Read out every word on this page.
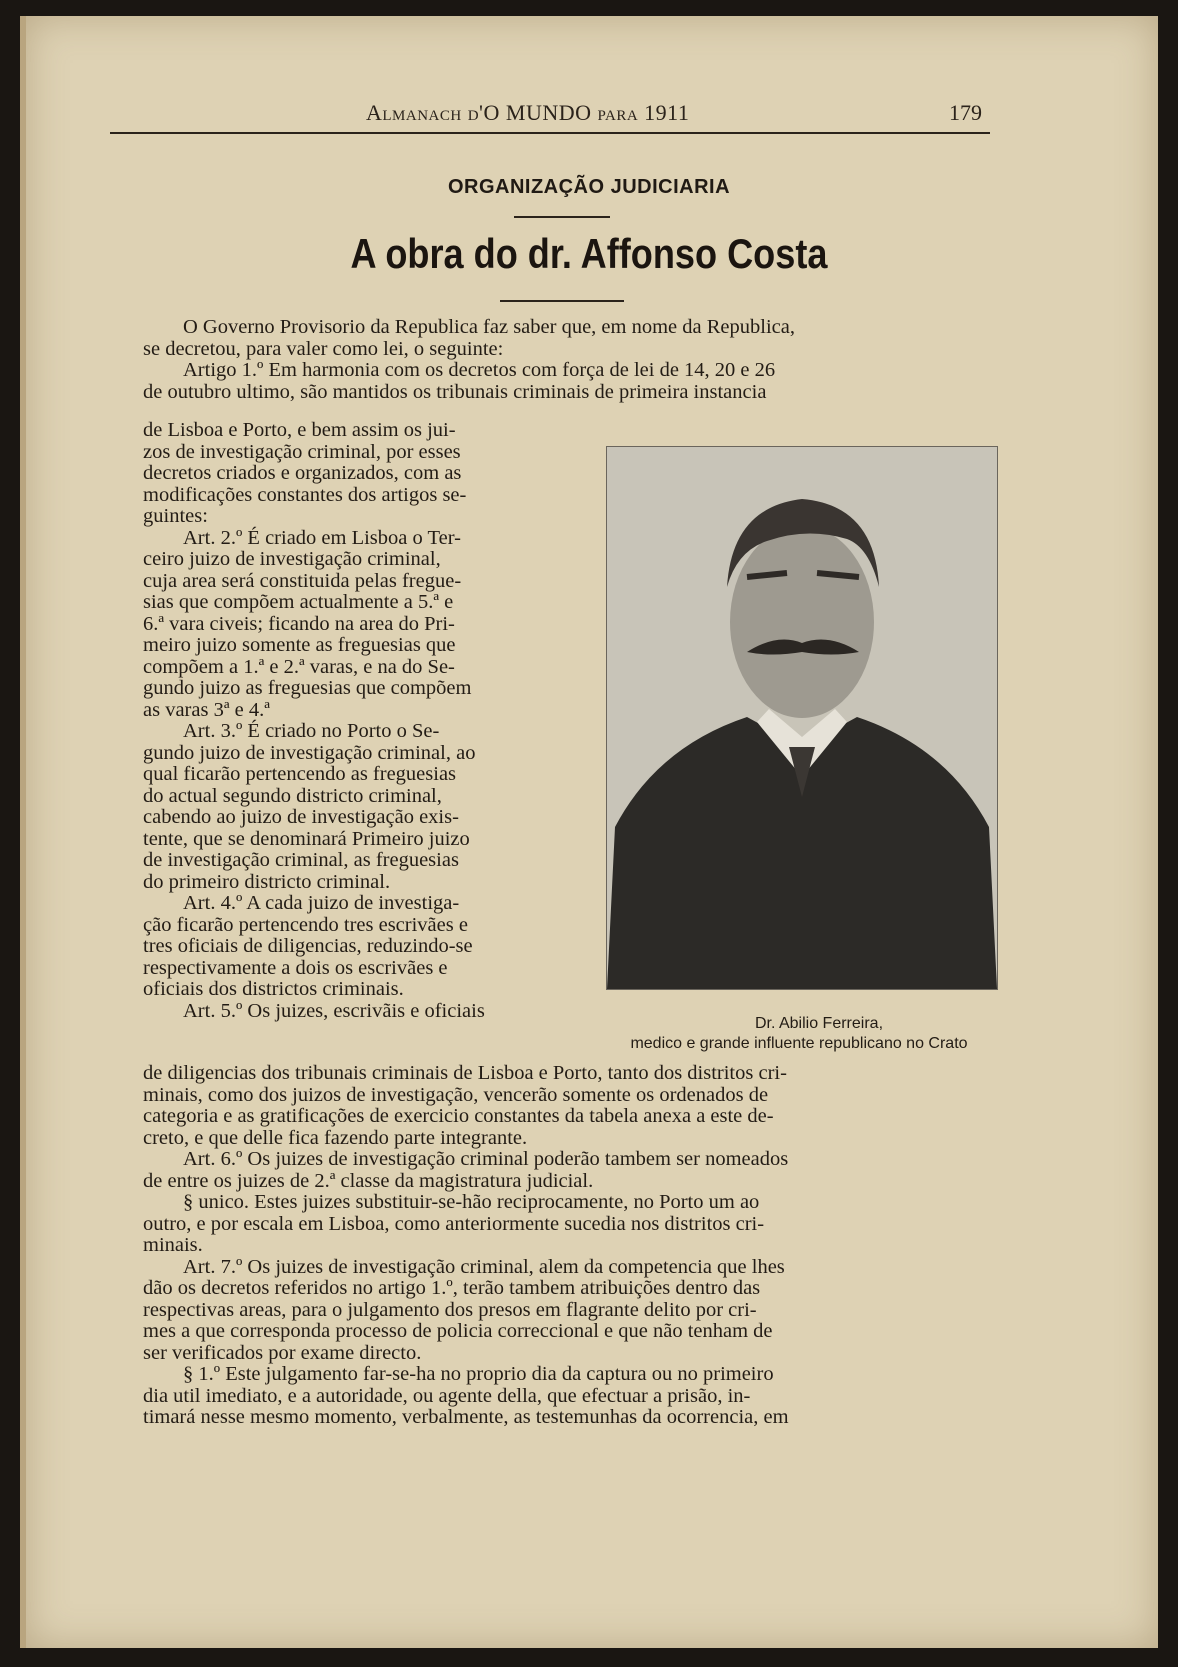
Almanach d'O MUNDO para 1911	179
ORGANIZAÇÃO JUDICIARIA
A obra do dr. Affonso Costa

O Governo Provisorio da Republica faz saber que, em nome da Republica,

se decretou, para valer como lei, o seguinte:

Artigo 1.º Em harmonia com os decretos com força de lei de 14, 20 e 26

de outubro ultimo, são mantidos os tribunais criminais de primeira instancia

de Lisboa e Porto, e bem assim os jui-

zos de investigação criminal, por esses

decretos criados e organizados, com as

modificações constantes dos artigos se-

guintes:

Art. 2.º É criado em Lisboa o Ter-

ceiro juizo de investigação criminal,

cuja area será constituida pelas fregue-

sias que compõem actualmente a 5.ª e

6.ª vara civeis; ficando na area do Pri-

meiro juizo somente as freguesias que

compõem a 1.ª e 2.ª varas, e na do Se-

gundo juizo as freguesias que compõem

as varas 3ª e 4.ª

Art. 3.º É criado no Porto o Se-

gundo juizo de investigação criminal, ao

qual ficarão pertencendo as freguesias

do actual segundo districto criminal,

cabendo ao juizo de investigação exis-

tente, que se denominará Primeiro juizo

de investigação criminal, as freguesias

do primeiro districto criminal.

Art. 4.º A cada juizo de investiga-

ção ficarão pertencendo tres escrivães e

tres oficiais de diligencias, reduzindo-se

respectivamente a dois os escrivães e

oficiais dos districtos criminais.

Art. 5.º Os juizes, escrivãis e oficiais

Dr. Abilio Ferreira,
medico e grande influente republicano no Crato

de diligencias dos tribunais criminais de Lisboa e Porto, tanto dos distritos cri-

minais, como dos juizos de investigação, vencerão somente os ordenados de

categoria e as gratificações de exercicio constantes da tabela anexa a este de-

creto, e que delle fica fazendo parte integrante.

Art. 6.º Os juizes de investigação criminal poderão tambem ser nomeados

de entre os juizes de 2.ª classe da magistratura judicial.

§ unico. Estes juizes substituir-se-hão reciprocamente, no Porto um ao

outro, e por escala em Lisboa, como anteriormente sucedia nos distritos cri-

minais.

Art. 7.º Os juizes de investigação criminal, alem da competencia que lhes

dão os decretos referidos no artigo 1.º, terão tambem atribuições dentro das

respectivas areas, para o julgamento dos presos em flagrante delito por cri-

mes a que corresponda processo de policia correccional e que não tenham de

ser verificados por exame directo.

§ 1.º Este julgamento far-se-ha no proprio dia da captura ou no primeiro

dia util imediato, e a autoridade, ou agente della, que efectuar a prisão, in-

timará nesse mesmo momento, verbalmente, as testemunhas da ocorrencia, em
